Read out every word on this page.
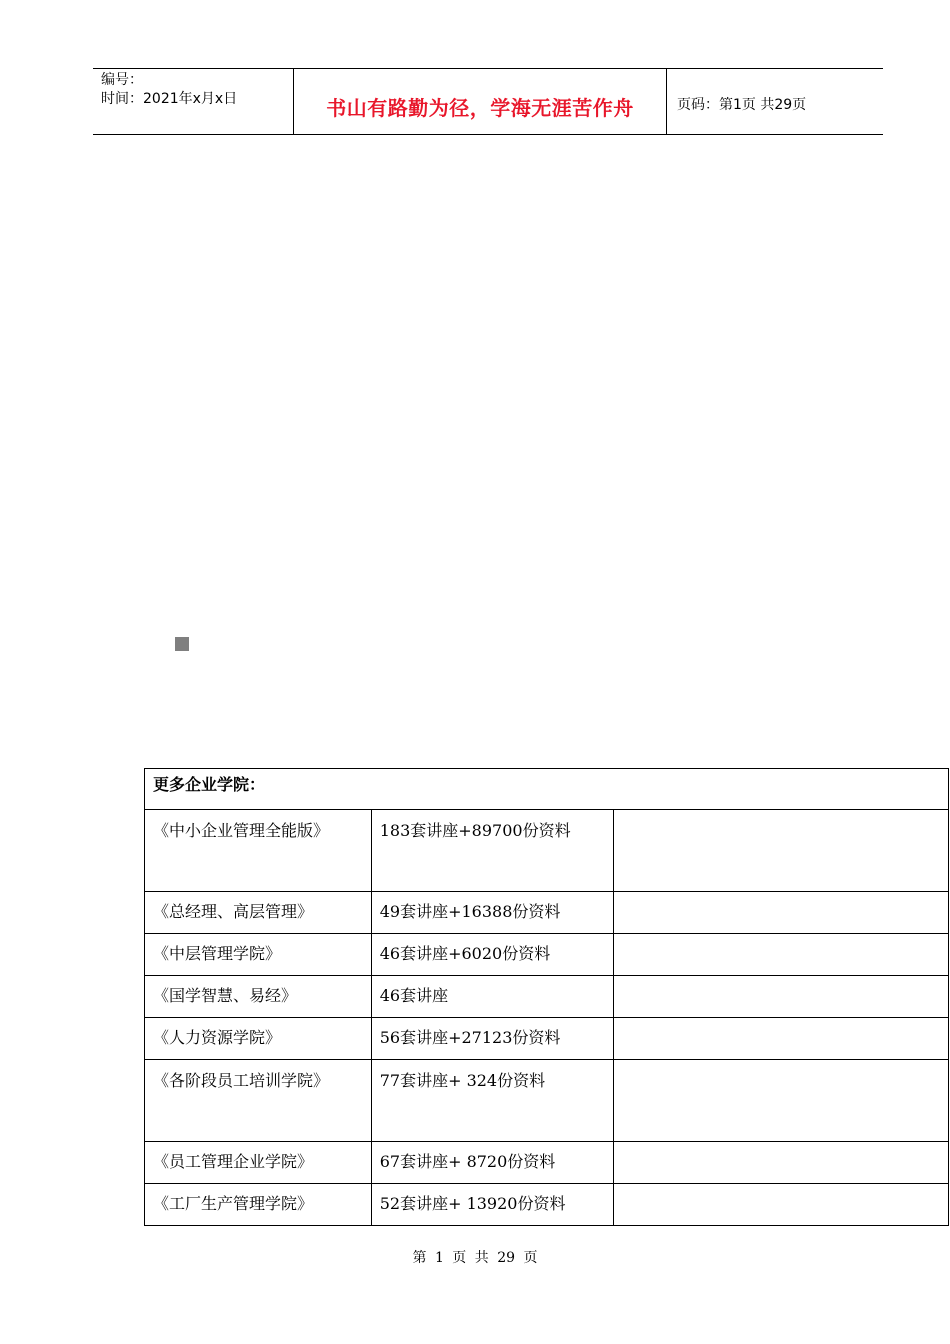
编号：
时间：2021年x月x日	书山有路勤为径，学海无涯苦作舟	页码：第1页 共29页
更多企业学院：		
《中小企业管理全能版》	183套讲座+89700份资料	
《总经理、高层管理》	49套讲座+16388份资料	
《中层管理学院》	46套讲座+6020份资料	
《国学智慧、易经》	46套讲座	
《人力资源学院》	56套讲座+27123份资料	
《各阶段员工培训学院》	77套讲座+ 324份资料	
《员工管理企业学院》	67套讲座+ 8720份资料	
《工厂生产管理学院》	52套讲座+ 13920份资料	
第 1 页 共 29 页
